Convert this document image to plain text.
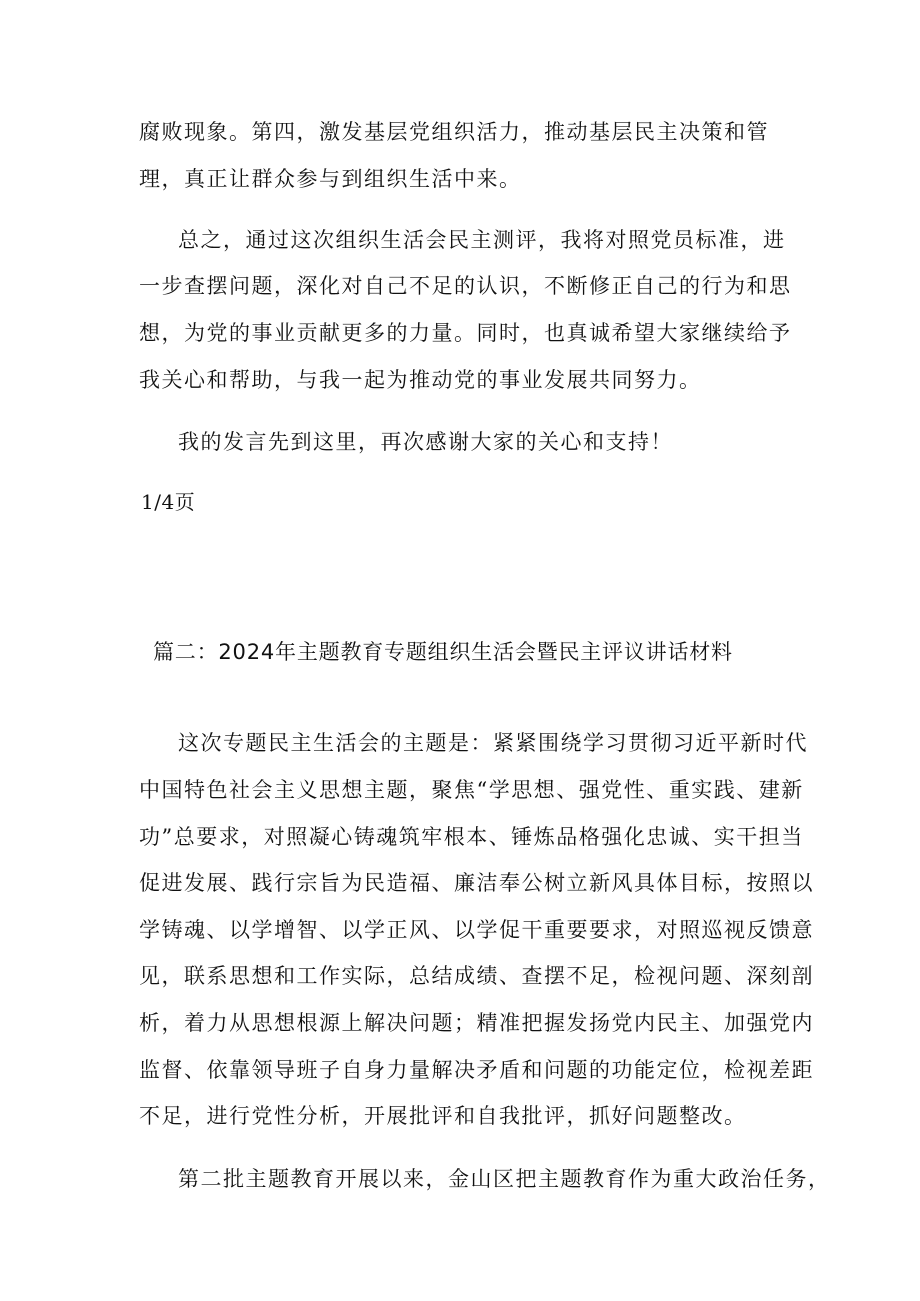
腐败现象。第四，激发基层党组织活力，推动基层民主决策和管
理，真正让群众参与到组织生活中来。
总之，通过这次组织生活会民主测评，我将对照党员标准，进
一步查摆问题，深化对自己不足的认识，不断修正自己的行为和思
想，为党的事业贡献更多的力量。同时，也真诚希望大家继续给予
我关心和帮助，与我一起为推动党的事业发展共同努力。
我的发言先到这里，再次感谢大家的关心和支持！
1/4页
篇二：2024年主题教育专题组织生活会暨民主评议讲话材料
这次专题民主生活会的主题是：紧紧围绕学习贯彻习近平新时代
中国特色社会主义思想主题，聚焦“学思想、强党性、重实践、建新
功”总要求，对照凝心铸魂筑牢根本、锤炼品格强化忠诚、实干担当
促进发展、践行宗旨为民造福、廉洁奉公树立新风具体目标，按照以
学铸魂、以学增智、以学正风、以学促干重要要求，对照巡视反馈意
见，联系思想和工作实际，总结成绩、查摆不足，检视问题、深刻剖
析，着力从思想根源上解决问题；精准把握发扬党内民主、加强党内
监督、依靠领导班子自身力量解决矛盾和问题的功能定位，检视差距
不足，进行党性分析，开展批评和自我批评，抓好问题整改。
第二批主题教育开展以来，金山区把主题教育作为重大政治任务，
